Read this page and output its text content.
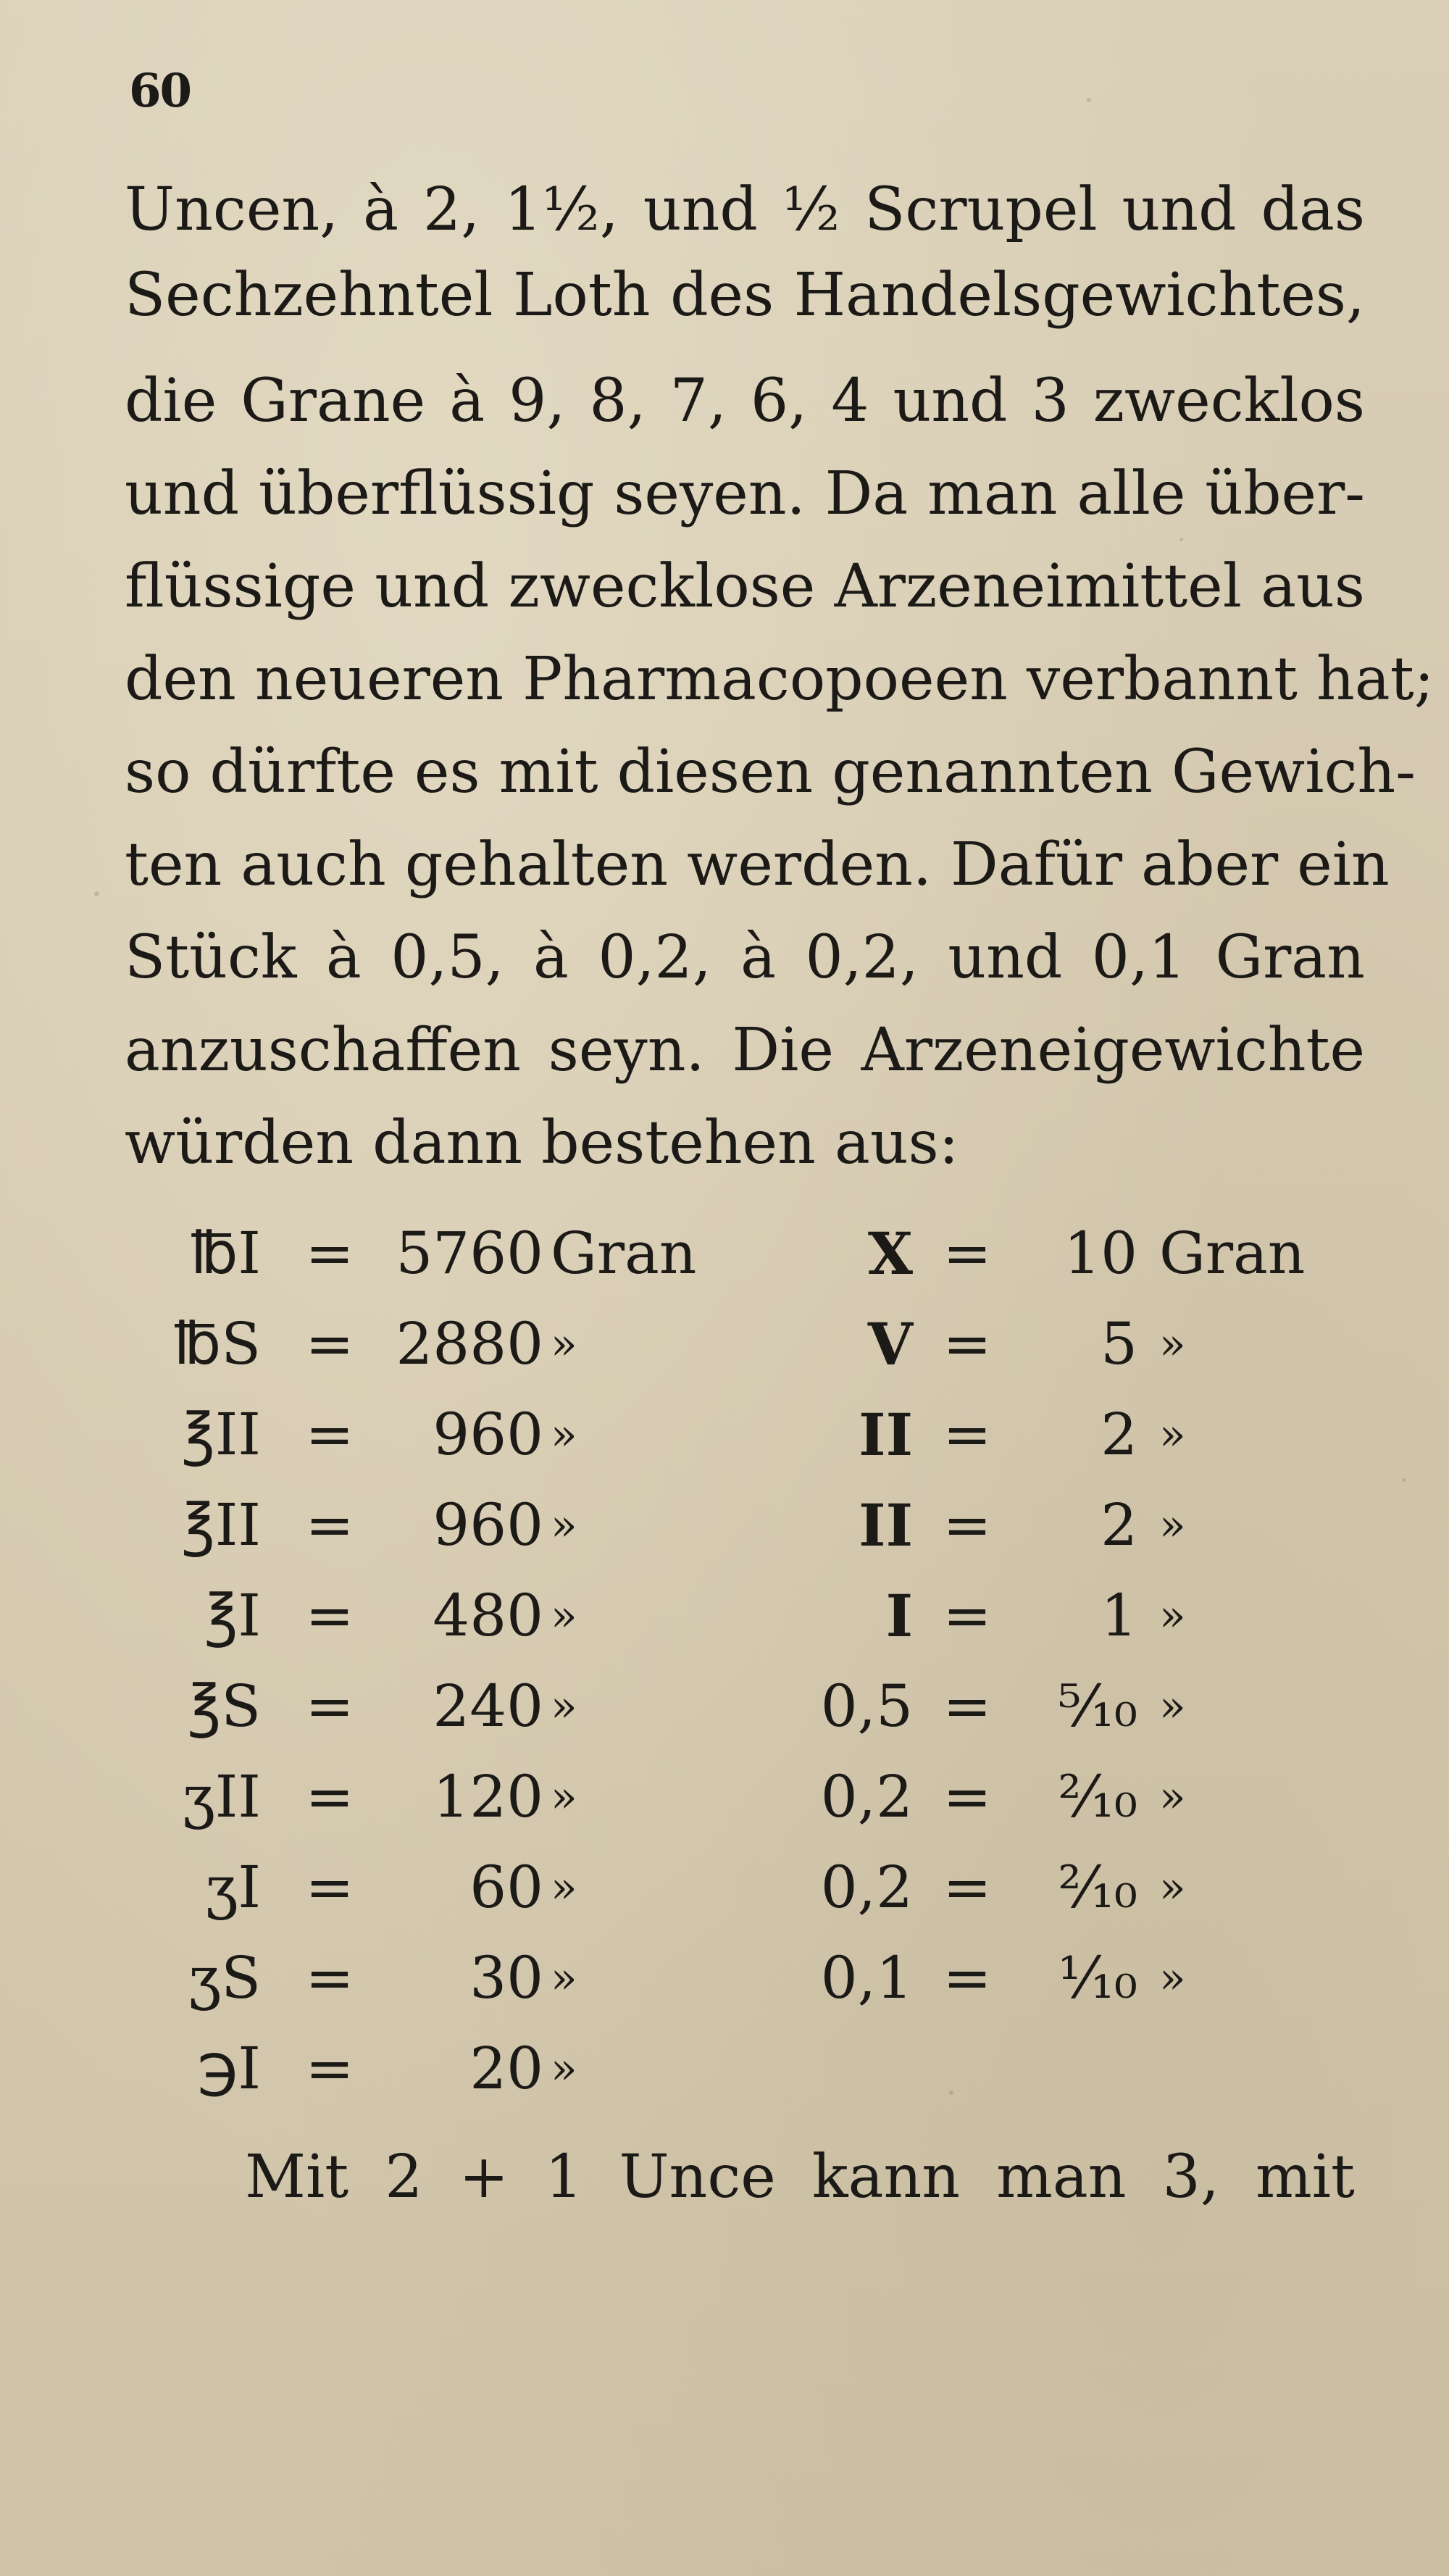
60
Uncen, à 2, 1½, und ½ Scrupel und das
Sechzehntel Loth des Handelsgewichtes,
die Grane à 9, 8, 7, 6, 4 und 3 zwecklos
und überflüssig seyen. Da man alle über-
flüssige und zwecklose Arzeneimittel aus
den neueren Pharmacopoeen verbannt hat;
so dürfte es mit diesen genannten Gewich-
ten auch gehalten werden. Dafür aber ein
Stück à 0,5, à 0,2, à 0,2, und 0,1 Gran
anzuschaffen seyn. Die Arzeneigewichte
würden dann bestehen aus:
℔I = 5760 Gran	X =	10 Gran
℔S = 2880 »	V =	5 »
℥II =	960 »	II =	2 »
℥II =	960 »	II =	2 »
℥I =	480 »	I =	1 »
℥S =	240 »	0,5 =	⁵⁄₁₀ »
ʒII =	120 »	0,2 =	²⁄₁₀ »
ʒI =	60 »	0,2 =	²⁄₁₀ »
ʒS =	30 »	0,1 =	¹⁄₁₀ »
℈I =	20 »
Mit 2 + 1 Unce kann man 3, mit
